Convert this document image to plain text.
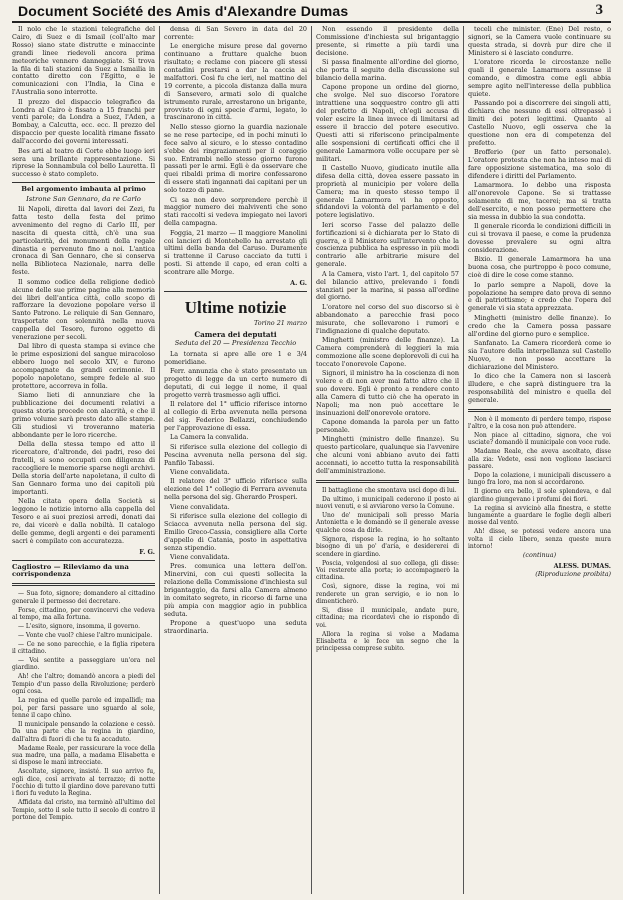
Document Société des Amis d'Alexandre Dumas	3

Il nolo che le stazioni telegrafiche del Cairo, di Suez e di Ismail (coll'alto mar Rosso) siano state distrutte e minaccinte grandi linee riedevoli ancora prima meteoriche vennero danneggiate. Si trova la fila di tali stazioni da Suez a Ismailia in contatto diretto con l'Egitto, e le comunicazioni con l'India, la Cina e l'Australia sono interrotte.

Il prezzo del dispaccio telegrafico da Londra al Cairo è fissato a 15 franchi per venti parole; da Londra a Suez, l'Aden, a Bombay, a Calcutta, ecc. ecc. Il prezzo del dispaccio per queste località rimane fissato dall'accordo dei governi interessati.

Bes arti al teatro di Corte ebbe luogo ieri sera una brillante rappresentazione. Si riprese la Sonnambula col bello Lauretta. Il successo è stato completo.

Bel argomento imbauta al primo
Istrone San Gennaro, da re Carlo

Iii Napoli, diretta dal lavori dei Zezi, fu fatta testo della festa del primo avvenimento del regno di Carlo III, per nascita di questa città, ch'è una sua particolarità, dei monumenti della regale dinastia e pervenuto fino a noi. L'antica cronaca di San Gennaro, che si conserva nella Biblioteca Nazionale, narra delle feste.

Il sommo codice della religione dedicò alcune delle sue prime pagine alla memoria dei libri dell'antica città, collo scopo di rafforzare la devozione popolare verso il Santo Patrono. Le reliquie di San Gennaro, trasportate con solennità nella nuova cappella del Tesoro, furono oggetto di venerazione per secoli.

Dal libro di questa stampa si evince che le prime esposizioni del sangue miracoloso ebbero luogo nel secolo XIV, e furono accompagnate da grandi cerimonie. Il popolo napoletano, sempre fedele al suo protettore, accorreva in folla.

Siamo lieti di annunziare che la pubblicazione dei documenti relativi a questa storia procede con alacrità, e che il primo volume sarà presto dato alle stampe. Gli studiosi vi troveranno materia abbondante per le loro ricerche.

Della della stessa tempo ed atto il ricercatore, d'altronde, dei padri, reso dei fratelli, si sono occupati con diligenza di raccogliere le memorie sparse negli archivi. Della storia dell'arte napoletana, il culto di San Gennaro forma uno dei capitoli più importanti.

Nella citata opera della Società si leggono le notizie intorno alla cappella del Tesoro e ai suoi preziosi arredi, donati dai re, dai vicerè e dalla nobiltà. Il catalogo delle gemme, degli argenti e dei paramenti sacri è compilato con accuratezza.

F. G.
Cagliostro — Rileviamo da una corrispondenza

— Sua foto, signore; domandero al cittadino generale il permesso dei decretare.

Forse, cittadino, per convincervi che vedeva al tempo, ma alla fortuna.

— L'esito, signore, insomma, il governo.

— Vonte che vuol? chiese l'altro municipale.

— Ce ne sono parecchie, e la figlia ripetera il cittadino.

— Voi sentite a passeggiare un'ora nel giardino.

Ah! che l'altro; domandò ancora a piedi del Tempio d'un passo della Rivoluzione; perderò ogni cosa.

La regina ed quelle parole ed impallidì; ma poi, per farsi passare uno sguardo al sole, tenne il capo chino.

Il municipale pensando la colazione e cessò. Da una parte che la regina in giardino, dall'altra di fuori di che tu fa accaduto.

Madame Reale, per rassicurare la voce della sua madre, una palla, a madama Elisabetta e si dispose le mani intrecciate.

Ascoltate, signore, insisté. Il suo arrivo fu, egli dice, così arrivato al terrazzo; di notte l'occhio di tutto il giardino dove parevano tutti i fiori fu veduto la Regina.

Affidata dal cristo, ma terminò all'ultimo del Tempio, sotto il sole tutto il secolo di contro il portone del Tempio.

densa di San Severo in data del 20 corrente:

Le energiche misure prese dal governo continuano a fruttare qualche buon risultato; e reclame con piacere gli stessi contadini prestarsi a dar la caccia ai malfattori. Così fu che ieri, nel mattino del 19 corrente, a piccola distanza dalla mura di Sansevero, armati solo di qualche istrumento rurale, arrestarono un brigante, provvisto di ogni specie d'armi, legato, lo trascinarono in città.

Nello stesso giorno la guardia nazionale se ne rese partecipe, ed in pochi minuti lo fece salvo al sicuro, e lo stesso contadino s'ebbe dei ringraziamenti per il coraggio suo. Entrambi nello stesso giorno furono passati per le armi. Egli è da osservare che quei ribaldi prima di morire confessarono di essere stati ingannati dai capitani per un solo tozzo di pane.

Ci sa non devo sorprendere perchè il maggior numero dei malviventi che sono stati raccolti si vedeva impiegato nei lavori della campagna.

Foggia, 21 marzo — Il maggiore Manolini coi lancieri di Montebello ha arrestato gli ultimi della banda del Caruso. Duramente si trattenne il Caruso cacciato da tutti i posti. Si attende il capo, ed eran colti a scontrare alle Morge.

A. G.
Ultime notizie
Torino 21 marzo
Camera dei deputati
Seduta del 20 — Presidenza Tecchio

La tornata si apre alle ore 1 e 3/4 pomeridiane.

Ferr. annunzia che è stato presentato un progetto di legge da un certo numero di deputati, di cui legge il nome, il qual progetto verrà trasmesso agli uffici.

Il relatore del 1° ufficio riferisce intorno al collegio di Erba avvenuta nella persona del sig. Federico Bellazzi, conchiudendo per l'approvazione di essa.

La Camera la convalida.

Si riferisce sulla elezione del collegio di Pescina avvenuta nella persona del sig. Panfilo Tabassi.

Viene convalidata.

Il relatore del 3° ufficio riferisce sulla elezione del 1° collegio di Ferrara avvenuta nella persona del sig. Gherardo Prosperi.

Viene convalidata.

Si riferisce sulla elezione del collegio di Sciacca avvenuta nella persona del sig. Emilio Greco-Cassia, consigliere alla Corte d'appello di Catania, posto in aspettativa senza stipendio.

Viene convalidata.

Pres. comunica una lettera dell'on. Minervini, con cui questi sollecita la relazione della Commissione d'inchiesta sul brigantaggio, da farsi alla Camera almeno in comitato segreto, in ricorso di farne una più ampia con maggior agio in pubblica seduta.

Propone a quest'uopo una seduta straordinaria.

Non essendo il presidente della Commissione d'inchiesta sul brigantaggio presente, si rimette a più tardi una decisione.

Si passa finalmente all'ordine del giorno, che porta il seguito della discussione sul bilancio della marina.

Capone propone un ordine del giorno, che svolge. Nel suo discorso l'oratore intrattiene una soqquestro contro gli atti del prefetto di Napoli, ch'egli accusa di voler escire la linea invece di limitarsi ad essere il braccio del potere esecutivo. Questi atti si riferiscono principalmente alle sospensioni di certificati offici che il generale Lamarmora volle occupare per sè militari.

Il Castello Nuovo, giudicato inutile alla difesa della città, dovea essere passato in proprietà al municipio per volere della Camera; ma in questo stesso tempo il generale Lamarmora vi ha opposto, sfidandovi la volontà del parlamento e del potere legislativo.

Ieri scorso l'asse del palazzo delle fortificazioni si è dichiarata per lo Stato di guerra, e il Ministero sull'intervento che la coscienza pubblica ha espresso in più modi contrario alle arbitrarie misure del generale.

A la Camera, visto l'art. 1, del capitolo 57 del bilancio attivo, prelevando i fondi stanziati per la marina, si passa all'ordine del giorno.

L'oratore nel corso del suo discorso si è abbandonato a parecchie frasi poco misurate, che sollevarono i rumori e l'indignazione di qualche deputato.

Minghetti (ministro delle finanze). La Camera comprenderà di leggieri la mia commozione alle scene deplorevoli di cui ha toccato l'onorevole Capone.

Signori, il ministro ha la coscienza di non volere e di non aver mai fatto altro che il suo dovere. Egli è pronto a rendere conto alla Camera di tutto ciò che ha operato in Napoli; ma non può accettare le insinuazioni dell'onorevole oratore.

Capone domanda la parola per un fatto personale.

Minghetti (ministro delle finanze). Su questo particolare, qualunque sia l'avvenire che alcuni voni abbiano avuto dei fatti accennati, io accetto tutta la responsabilità dell'amministrazione.

Il battaglione che smontava uscì dopo di lui.

Da ultimo, i municipali cederono il posto ai nuovi venuti, e si avviarono verso la Comune.

Uno de' municipali soli presso Maria Antonietta e le domandò se il generale avesse qualche cosa da dirle.

Signora, rispose la regina, io ho soltanto bisogno di un po' d'aria, e desidererei di scendere in giardino.

Poscia, volgendosi al suo collega, gli disse: Voi resterete alla porta; io accompagnerò la cittadina.

Così, signore, disse la regina, voi mi renderete un gran servigio, e io non lo dimenticherò.

Si, disse il municipale, andate pure, cittadina; ma ricordatevi che io rispondo di voi.

Allora la regina si volse a Madama Elisabetta e le fece un segno che la principessa comprese subito.

teceli che minister. (Ene) Del resto, o signori, se la Camera vuole continuare su questa strada, si dovrà pur dire che il Ministero si è lasciato condurre.

L'oratore ricorda le circostanze nelle quali il generale Lamarmora assunse il comando, e dimostra come egli abbia sempre agito nell'interesse della pubblica quiete.

Passando poi a discorrere dei singoli atti, dichiara che nessuno di essi oltrepassò i limiti dei poteri legittimi. Quanto al Castello Nuovo, egli osserva che la questione non era di competenza del prefetto.

Brofferio (per un fatto personale). L'oratore protesta che non ha inteso mai di fare opposizione sistematica, ma solo di difendere i diritti del Parlamento.

Lamarmora. Io debbo una risposta all'onorevole Capone. Se si trattasse solamente di me, tacerei; ma si tratta dell'esercito, e non posso permettere che sia messa in dubbio la sua condotta.

Il generale ricorda le condizioni difficili in cui si trovava il paese, e come la prudenza dovesse prevalere su ogni altra considerazione.

Bixio. Il generale Lamarmora ha una buona cosa, che purtroppo è poco comune, cioè di dire le cose come stanno.

Io parlo sempre a Napoli, dove la popolazione ha sempre dato prova di senno e di patriottismo; e credo che l'opera del generale vi sia stata apprezzata.

Minghetti (ministro delle finanze). Io credo che la Camera possa passare all'ordine del giorno puro e semplice.

Sanfanato. La Camera ricorderà come io sia l'autore della interpellanza sul Castello Nuovo, e non posso accettare la dichiarazione del Ministero.

Io dico che la Camera non si lascerà illudere, e che saprà distinguere tra la responsabilità del ministro e quella del generale.

Non è il momento di perdere tempo, rispose l'altro, e la cosa non può attendere.

Non piace al cittadino, signora, che voi usciate? domandò il municipale con voce rude.

Madame Reale, che aveva ascoltato, disse alla zia: Vedete, essi non vogliono lasciarci passare.

Dopo la colazione, i municipali discussero a lungo fra loro, ma non si accordarono.

Il giorno era bello, il sole splendeva, e dal giardino giungevano i profumi dei fiori.

La regina si avvicinò alla finestra, e stette lungamente a guardare le foglie degli alberi mosse dal vento.

Ah! disse, se potessi vedere ancora una volta il cielo libero, senza queste mura intorno!

(continua)
ALESS. DUMAS.
(Riproduzione proibita)
